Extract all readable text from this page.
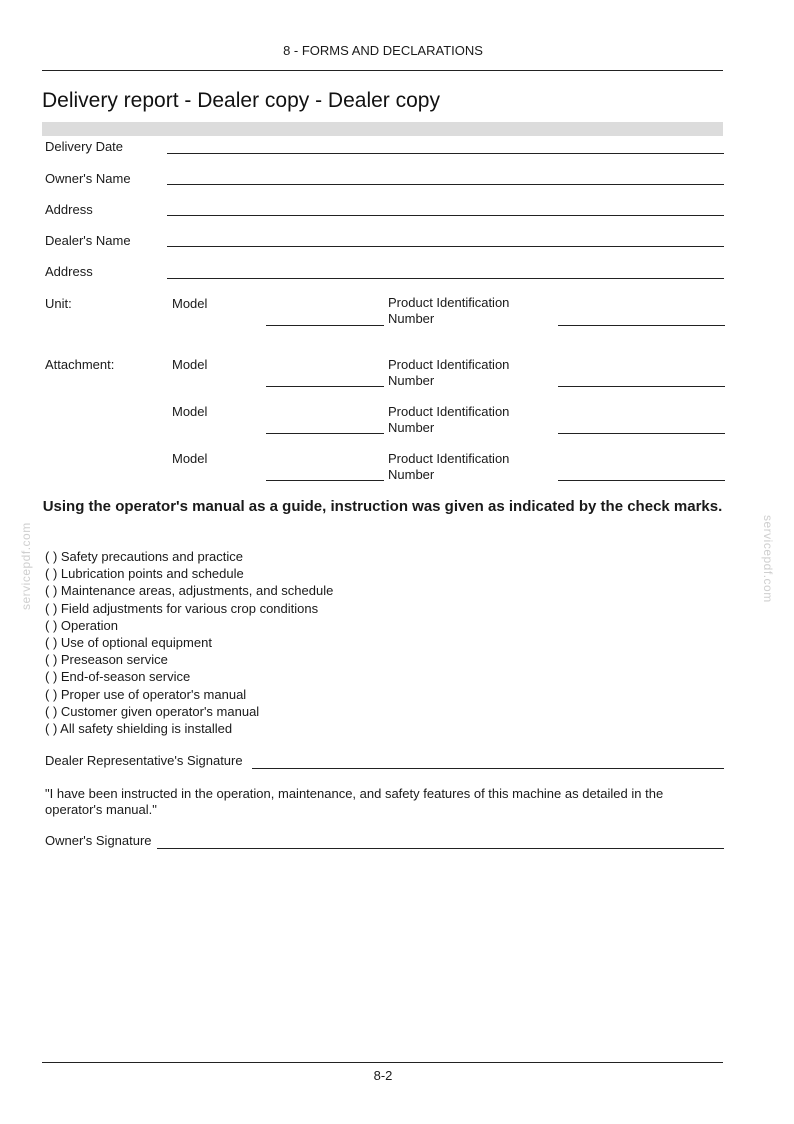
8 - FORMS AND DECLARATIONS
Delivery report - Dealer copy - Dealer copy
Delivery Date
Owner's Name
Address
Dealer's Name
Address
Unit:	Model	Product Identification
Number
Attachment:	Model	Product Identification
Number
Model	Product Identification
Number
Model	Product Identification
Number
Using the operator's manual as a guide, instruction was given as indicated by the check marks.
( ) Safety precautions and practice
( ) Lubrication points and schedule
( ) Maintenance areas, adjustments, and schedule
( ) Field adjustments for various crop conditions
( ) Operation
( ) Use of optional equipment
( ) Preseason service
( ) End-of-season service
( ) Proper use of operator's manual
( ) Customer given operator's manual
( ) All safety shielding is installed
servicepdf.com	servicepdf.com
Dealer Representative's Signature
"I have been instructed in the operation, maintenance, and safety features of this machine as detailed in the operator's manual."
Owner's Signature
8-2
